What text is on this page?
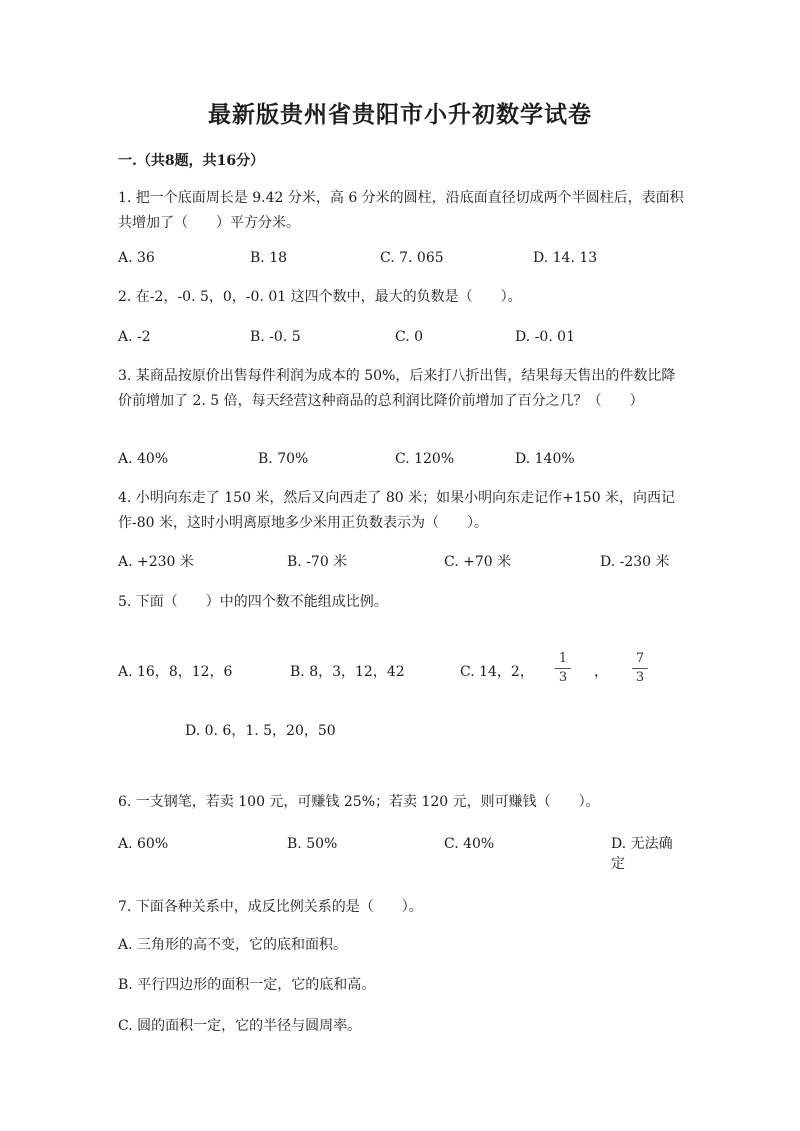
最新版贵州省贵阳市小升初数学试卷
一.（共8题，共16分）
1. 把一个底面周长是 9.42 分米，高 6 分米的圆柱，沿底面直径切成两个半圆柱后，表面积共增加了（　　）平方分米。
A. 36	B. 18	C. 7. 065	D. 14. 13
2. 在-2，-0. 5，0，-0. 01 这四个数中，最大的负数是（　　）。
A. -2	B. -0. 5	C. 0	D. -0. 01
3. 某商品按原价出售每件利润为成本的 50%，后来打八折出售，结果每天售出的件数比降价前增加了 2. 5 倍，每天经营这种商品的总利润比降价前增加了百分之几？（　　）
A. 40%	B. 70%	C. 120%	D. 140%
4. 小明向东走了 150 米，然后又向西走了 80 米；如果小明向东走记作+150 米，向西记作-80 米，这时小明离原地多少米用正负数表示为（　　）。
A. +230 米	B. -70 米	C. +70 米	D. -230 米
5. 下面（　　）中的四个数不能组成比例。
A. 16，8，12，6	B. 8，3，12，42	C. 14，2，
1
3 ，
7
3
D. 0. 6，1. 5，20，50
6. 一支钢笔，若卖 100 元，可赚钱 25%；若卖 120 元，则可赚钱（　　）。
A. 60%	B. 50%	C. 40%	D. 无法确定
7. 下面各种关系中，成反比例关系的是（　　）。
A. 三角形的高不变，它的底和面积。
B. 平行四边形的面积一定，它的底和高。
C. 圆的面积一定，它的半径与圆周率。
